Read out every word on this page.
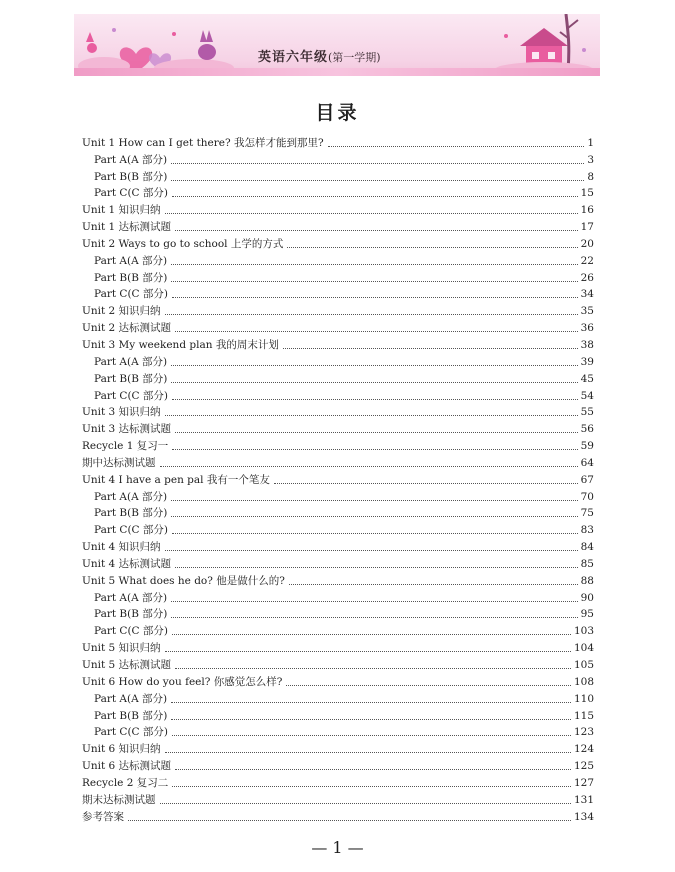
英语六年级(第一学期)
目录
Unit 1 How can I get there? 我怎样才能到那里?	1
Part A(A 部分)	3
Part B(B 部分)	8
Part C(C 部分)	15
Unit 1 知识归纳	16
Unit 1 达标测试题	17
Unit 2 Ways to go to school 上学的方式	20
Part A(A 部分)	22
Part B(B 部分)	26
Part C(C 部分)	34
Unit 2 知识归纳	35
Unit 2 达标测试题	36
Unit 3 My weekend plan 我的周末计划	38
Part A(A 部分)	39
Part B(B 部分)	45
Part C(C 部分)	54
Unit 3 知识归纳	55
Unit 3 达标测试题	56
Recycle 1 复习一	59
期中达标测试题	64
Unit 4 I have a pen pal 我有一个笔友	67
Part A(A 部分)	70
Part B(B 部分)	75
Part C(C 部分)	83
Unit 4 知识归纳	84
Unit 4 达标测试题	85
Unit 5 What does he do? 他是做什么的?	88
Part A(A 部分)	90
Part B(B 部分)	95
Part C(C 部分)	103
Unit 5 知识归纳	104
Unit 5 达标测试题	105
Unit 6 How do you feel? 你感觉怎么样?	108
Part A(A 部分)	110
Part B(B 部分)	115
Part C(C 部分)	123
Unit 6 知识归纳	124
Unit 6 达标测试题	125
Recycle 2 复习二	127
期末达标测试题	131
参考答案	134
— 1 —
